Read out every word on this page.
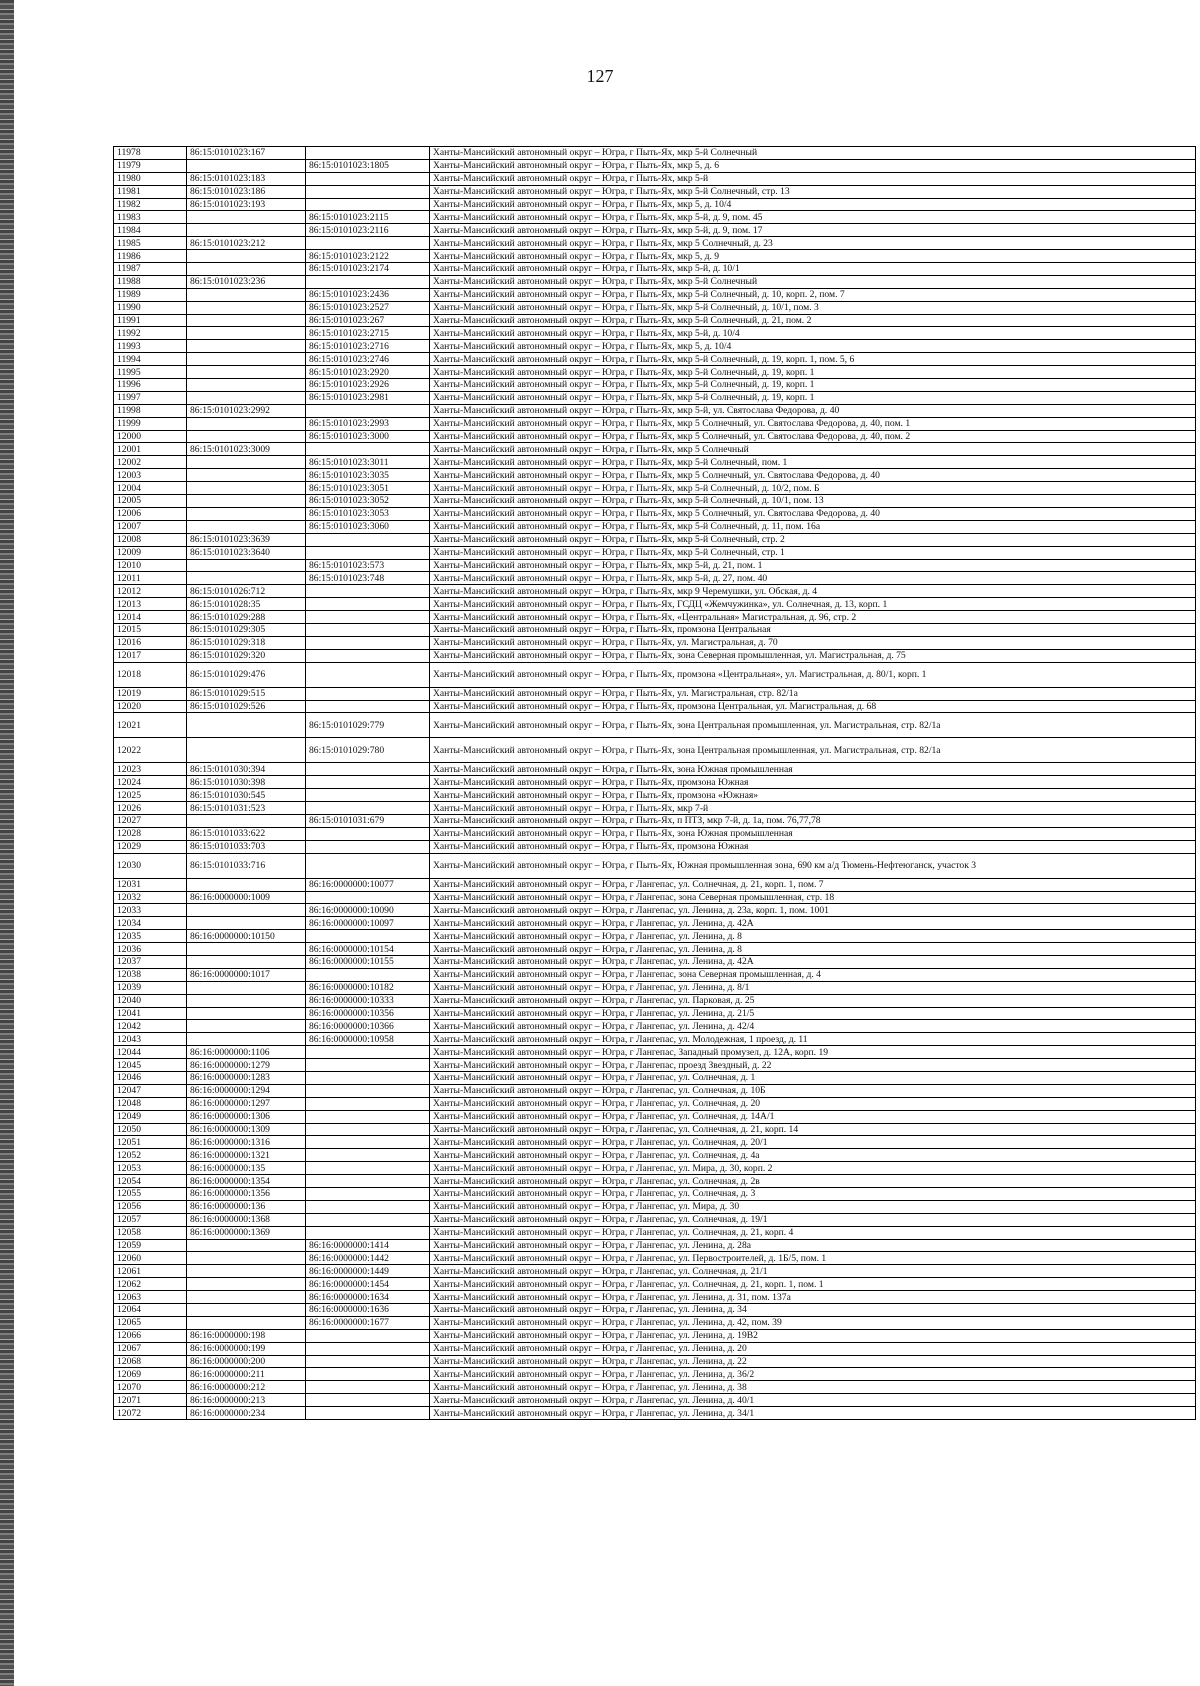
127
11978	86:15:0101023:167		Ханты-Мансийский автономный округ – Югра, г Пыть-Ях, мкр 5-й Солнечный
11979		86:15:0101023:1805	Ханты-Мансийский автономный округ – Югра, г Пыть-Ях, мкр 5, д. 6
11980	86:15:0101023:183		Ханты-Мансийский автономный округ – Югра, г Пыть-Ях, мкр 5-й
11981	86:15:0101023:186		Ханты-Мансийский автономный округ – Югра, г Пыть-Ях, мкр 5-й Солнечный, стр. 13
11982	86:15:0101023:193		Ханты-Мансийский автономный округ – Югра, г Пыть-Ях, мкр 5, д. 10/4
11983		86:15:0101023:2115	Ханты-Мансийский автономный округ – Югра, г Пыть-Ях, мкр 5-й, д. 9, пом. 45
11984		86:15:0101023:2116	Ханты-Мансийский автономный округ – Югра, г Пыть-Ях, мкр 5-й, д. 9, пом. 17
11985	86:15:0101023:212		Ханты-Мансийский автономный округ – Югра, г Пыть-Ях, мкр 5 Солнечный, д. 23
11986		86:15:0101023:2122	Ханты-Мансийский автономный округ – Югра, г Пыть-Ях, мкр 5, д. 9
11987		86:15:0101023:2174	Ханты-Мансийский автономный округ – Югра, г Пыть-Ях, мкр 5-й, д. 10/1
11988	86:15:0101023:236		Ханты-Мансийский автономный округ – Югра, г Пыть-Ях, мкр 5-й Солнечный
11989		86:15:0101023:2436	Ханты-Мансийский автономный округ – Югра, г Пыть-Ях, мкр 5-й Солнечный, д. 10, корп. 2, пом. 7
11990		86:15:0101023:2527	Ханты-Мансийский автономный округ – Югра, г Пыть-Ях, мкр 5-й Солнечный, д. 10/1, пом. 3
11991		86:15:0101023:267	Ханты-Мансийский автономный округ – Югра, г Пыть-Ях, мкр 5-й Солнечный, д. 21, пом. 2
11992		86:15:0101023:2715	Ханты-Мансийский автономный округ – Югра, г Пыть-Ях, мкр 5-й, д. 10/4
11993		86:15:0101023:2716	Ханты-Мансийский автономный округ – Югра, г Пыть-Ях, мкр 5, д. 10/4
11994		86:15:0101023:2746	Ханты-Мансийский автономный округ – Югра, г Пыть-Ях, мкр 5-й Солнечный, д. 19, корп. 1, пом. 5, 6
11995		86:15:0101023:2920	Ханты-Мансийский автономный округ – Югра, г Пыть-Ях, мкр 5-й Солнечный, д. 19, корп. 1
11996		86:15:0101023:2926	Ханты-Мансийский автономный округ – Югра, г Пыть-Ях, мкр 5-й Солнечный, д. 19, корп. 1
11997		86:15:0101023:2981	Ханты-Мансийский автономный округ – Югра, г Пыть-Ях, мкр 5-й Солнечный, д. 19, корп. 1
11998	86:15:0101023:2992		Ханты-Мансийский автономный округ – Югра, г Пыть-Ях, мкр 5-й, ул. Святослава Федорова, д. 40
11999		86:15:0101023:2993	Ханты-Мансийский автономный округ – Югра, г Пыть-Ях, мкр 5 Солнечный, ул. Святослава Федорова, д. 40, пом. 1
12000		86:15:0101023:3000	Ханты-Мансийский автономный округ – Югра, г Пыть-Ях, мкр 5 Солнечный, ул. Святослава Федорова, д. 40, пом. 2
12001	86:15:0101023:3009		Ханты-Мансийский автономный округ – Югра, г Пыть-Ях, мкр 5 Солнечный
12002		86:15:0101023:3011	Ханты-Мансийский автономный округ – Югра, г Пыть-Ях, мкр 5-й Солнечный, пом. 1
12003		86:15:0101023:3035	Ханты-Мансийский автономный округ – Югра, г Пыть-Ях, мкр 5 Солнечный, ул. Святослава Федорова, д. 40
12004		86:15:0101023:3051	Ханты-Мансийский автономный округ – Югра, г Пыть-Ях, мкр 5-й Солнечный, д. 10/2, пом. Б
12005		86:15:0101023:3052	Ханты-Мансийский автономный округ – Югра, г Пыть-Ях, мкр 5-й Солнечный, д. 10/1, пом. 13
12006		86:15:0101023:3053	Ханты-Мансийский автономный округ – Югра, г Пыть-Ях, мкр 5 Солнечный, ул. Святослава Федорова, д. 40
12007		86:15:0101023:3060	Ханты-Мансийский автономный округ – Югра, г Пыть-Ях, мкр 5-й Солнечный, д. 11, пом. 16а
12008	86:15:0101023:3639		Ханты-Мансийский автономный округ – Югра, г Пыть-Ях, мкр 5-й Солнечный, стр. 2
12009	86:15:0101023:3640		Ханты-Мансийский автономный округ – Югра, г Пыть-Ях, мкр 5-й Солнечный, стр. 1
12010		86:15:0101023:573	Ханты-Мансийский автономный округ – Югра, г Пыть-Ях, мкр 5-й, д. 21, пом. 1
12011		86:15:0101023:748	Ханты-Мансийский автономный округ – Югра, г Пыть-Ях, мкр 5-й, д. 27, пом. 40
12012	86:15:0101026:712		Ханты-Мансийский автономный округ – Югра, г Пыть-Ях, мкр 9 Черемушки, ул. Обская, д. 4
12013	86:15:0101028:35		Ханты-Мансийский автономный округ – Югра, г Пыть-Ях, ГСДЦ «Жемчужинка», ул. Солнечная, д. 13, корп. 1
12014	86:15:0101029:288		Ханты-Мансийский автономный округ – Югра, г Пыть-Ях, «Центральная» Магистральная, д. 96, стр. 2
12015	86:15:0101029:305		Ханты-Мансийский автономный округ – Югра, г Пыть-Ях, промзона Центральная
12016	86:15:0101029:318		Ханты-Мансийский автономный округ – Югра, г Пыть-Ях, ул. Магистральная, д. 70
12017	86:15:0101029:320		Ханты-Мансийский автономный округ – Югра, г Пыть-Ях, зона Северная промышленная, ул. Магистральная, д. 75
12018	86:15:0101029:476		Ханты-Мансийский автономный округ – Югра, г Пыть-Ях, промзона «Центральная», ул. Магистральная, д. 80/1, корп. 1
12019	86:15:0101029:515		Ханты-Мансийский автономный округ – Югра, г Пыть-Ях, ул. Магистральная, стр. 82/1а
12020	86:15:0101029:526		Ханты-Мансийский автономный округ – Югра, г Пыть-Ях, промзона Центральная, ул. Магистральная, д. 68
12021		86:15:0101029:779	Ханты-Мансийский автономный округ – Югра, г Пыть-Ях, зона Центральная промышленная, ул. Магистральная, стр. 82/1а
12022		86:15:0101029:780	Ханты-Мансийский автономный округ – Югра, г Пыть-Ях, зона Центральная промышленная, ул. Магистральная, стр. 82/1а
12023	86:15:0101030:394		Ханты-Мансийский автономный округ – Югра, г Пыть-Ях, зона Южная промышленная
12024	86:15:0101030:398		Ханты-Мансийский автономный округ – Югра, г Пыть-Ях, промзона Южная
12025	86:15:0101030:545		Ханты-Мансийский автономный округ – Югра, г Пыть-Ях, промзона «Южная»
12026	86:15:0101031:523		Ханты-Мансийский автономный округ – Югра, г Пыть-Ях, мкр 7-й
12027		86:15:0101031:679	Ханты-Мансийский автономный округ – Югра, г Пыть-Ях, п ПТЗ, мкр 7-й, д. 1а, пом. 76,77,78
12028	86:15:0101033:622		Ханты-Мансийский автономный округ – Югра, г Пыть-Ях, зона Южная промышленная
12029	86:15:0101033:703		Ханты-Мансийский автономный округ – Югра, г Пыть-Ях, промзона Южная
12030	86:15:0101033:716		Ханты-Мансийский автономный округ – Югра, г Пыть-Ях, Южная промышленная зона, 690 км а/д Тюмень-Нефтеюганск, участок 3
12031		86:16:0000000:10077	Ханты-Мансийский автономный округ – Югра, г Лангепас, ул. Солнечная, д. 21, корп. 1, пом. 7
12032	86:16:0000000:1009		Ханты-Мансийский автономный округ – Югра, г Лангепас, зона Северная промышленная, стр. 18
12033		86:16:0000000:10090	Ханты-Мансийский автономный округ – Югра, г Лангепас, ул. Ленина, д. 23а, корп. 1, пом. 1001
12034		86:16:0000000:10097	Ханты-Мансийский автономный округ – Югра, г Лангепас, ул. Ленина, д. 42А
12035	86:16:0000000:10150		Ханты-Мансийский автономный округ – Югра, г Лангепас, ул. Ленина, д. 8
12036		86:16:0000000:10154	Ханты-Мансийский автономный округ – Югра, г Лангепас, ул. Ленина, д. 8
12037		86:16:0000000:10155	Ханты-Мансийский автономный округ – Югра, г Лангепас, ул. Ленина, д. 42А
12038	86:16:0000000:1017		Ханты-Мансийский автономный округ – Югра, г Лангепас, зона Северная промышленная, д. 4
12039		86:16:0000000:10182	Ханты-Мансийский автономный округ – Югра, г Лангепас, ул. Ленина, д. 8/1
12040		86:16:0000000:10333	Ханты-Мансийский автономный округ – Югра, г Лангепас, ул. Парковая, д. 25
12041		86:16:0000000:10356	Ханты-Мансийский автономный округ – Югра, г Лангепас, ул. Ленина, д. 21/5
12042		86:16:0000000:10366	Ханты-Мансийский автономный округ – Югра, г Лангепас, ул. Ленина, д. 42/4
12043		86:16:0000000:10958	Ханты-Мансийский автономный округ – Югра, г Лангепас, ул. Молодежная, 1 проезд, д. 11
12044	86:16:0000000:1106		Ханты-Мансийский автономный округ – Югра, г Лангепас, Западный промузел, д. 12А, корп. 19
12045	86:16:0000000:1279		Ханты-Мансийский автономный округ – Югра, г Лангепас, проезд Звездный, д. 22
12046	86:16:0000000:1283		Ханты-Мансийский автономный округ – Югра, г Лангепас, ул. Солнечная, д. 1
12047	86:16:0000000:1294		Ханты-Мансийский автономный округ – Югра, г Лангепас, ул. Солнечная, д. 10Б
12048	86:16:0000000:1297		Ханты-Мансийский автономный округ – Югра, г Лангепас, ул. Солнечная, д. 20
12049	86:16:0000000:1306		Ханты-Мансийский автономный округ – Югра, г Лангепас, ул. Солнечная, д. 14А/1
12050	86:16:0000000:1309		Ханты-Мансийский автономный округ – Югра, г Лангепас, ул. Солнечная, д. 21, корп. 14
12051	86:16:0000000:1316		Ханты-Мансийский автономный округ – Югра, г Лангепас, ул. Солнечная, д. 20/1
12052	86:16:0000000:1321		Ханты-Мансийский автономный округ – Югра, г Лангепас, ул. Солнечная, д. 4а
12053	86:16:0000000:135		Ханты-Мансийский автономный округ – Югра, г Лангепас, ул. Мира, д. 30, корп. 2
12054	86:16:0000000:1354		Ханты-Мансийский автономный округ – Югра, г Лангепас, ул. Солнечная, д. 2в
12055	86:16:0000000:1356		Ханты-Мансийский автономный округ – Югра, г Лангепас, ул. Солнечная, д. 3
12056	86:16:0000000:136		Ханты-Мансийский автономный округ – Югра, г Лангепас, ул. Мира, д. 30
12057	86:16:0000000:1368		Ханты-Мансийский автономный округ – Югра, г Лангепас, ул. Солнечная, д. 19/1
12058	86:16:0000000:1369		Ханты-Мансийский автономный округ – Югра, г Лангепас, ул. Солнечная, д. 21, корп. 4
12059		86:16:0000000:1414	Ханты-Мансийский автономный округ – Югра, г Лангепас, ул. Ленина, д. 28а
12060		86:16:0000000:1442	Ханты-Мансийский автономный округ – Югра, г Лангепас, ул. Первостроителей, д. 1Б/5, пом. 1
12061		86:16:0000000:1449	Ханты-Мансийский автономный округ – Югра, г Лангепас, ул. Солнечная, д. 21/1
12062		86:16:0000000:1454	Ханты-Мансийский автономный округ – Югра, г Лангепас, ул. Солнечная, д. 21, корп. 1, пом. 1
12063		86:16:0000000:1634	Ханты-Мансийский автономный округ – Югра, г Лангепас, ул. Ленина, д. 31, пом. 137а
12064		86:16:0000000:1636	Ханты-Мансийский автономный округ – Югра, г Лангепас, ул. Ленина, д. 34
12065		86:16:0000000:1677	Ханты-Мансийский автономный округ – Югра, г Лангепас, ул. Ленина, д. 42, пом. 39
12066	86:16:0000000:198		Ханты-Мансийский автономный округ – Югра, г Лангепас, ул. Ленина, д. 19В2
12067	86:16:0000000:199		Ханты-Мансийский автономный округ – Югра, г Лангепас, ул. Ленина, д. 20
12068	86:16:0000000:200		Ханты-Мансийский автономный округ – Югра, г Лангепас, ул. Ленина, д. 22
12069	86:16:0000000:211		Ханты-Мансийский автономный округ – Югра, г Лангепас, ул. Ленина, д. 36/2
12070	86:16:0000000:212		Ханты-Мансийский автономный округ – Югра, г Лангепас, ул. Ленина, д. 38
12071	86:16:0000000:213		Ханты-Мансийский автономный округ – Югра, г Лангепас, ул. Ленина, д. 40/1
12072	86:16:0000000:234		Ханты-Мансийский автономный округ – Югра, г Лангепас, ул. Ленина, д. 34/1
